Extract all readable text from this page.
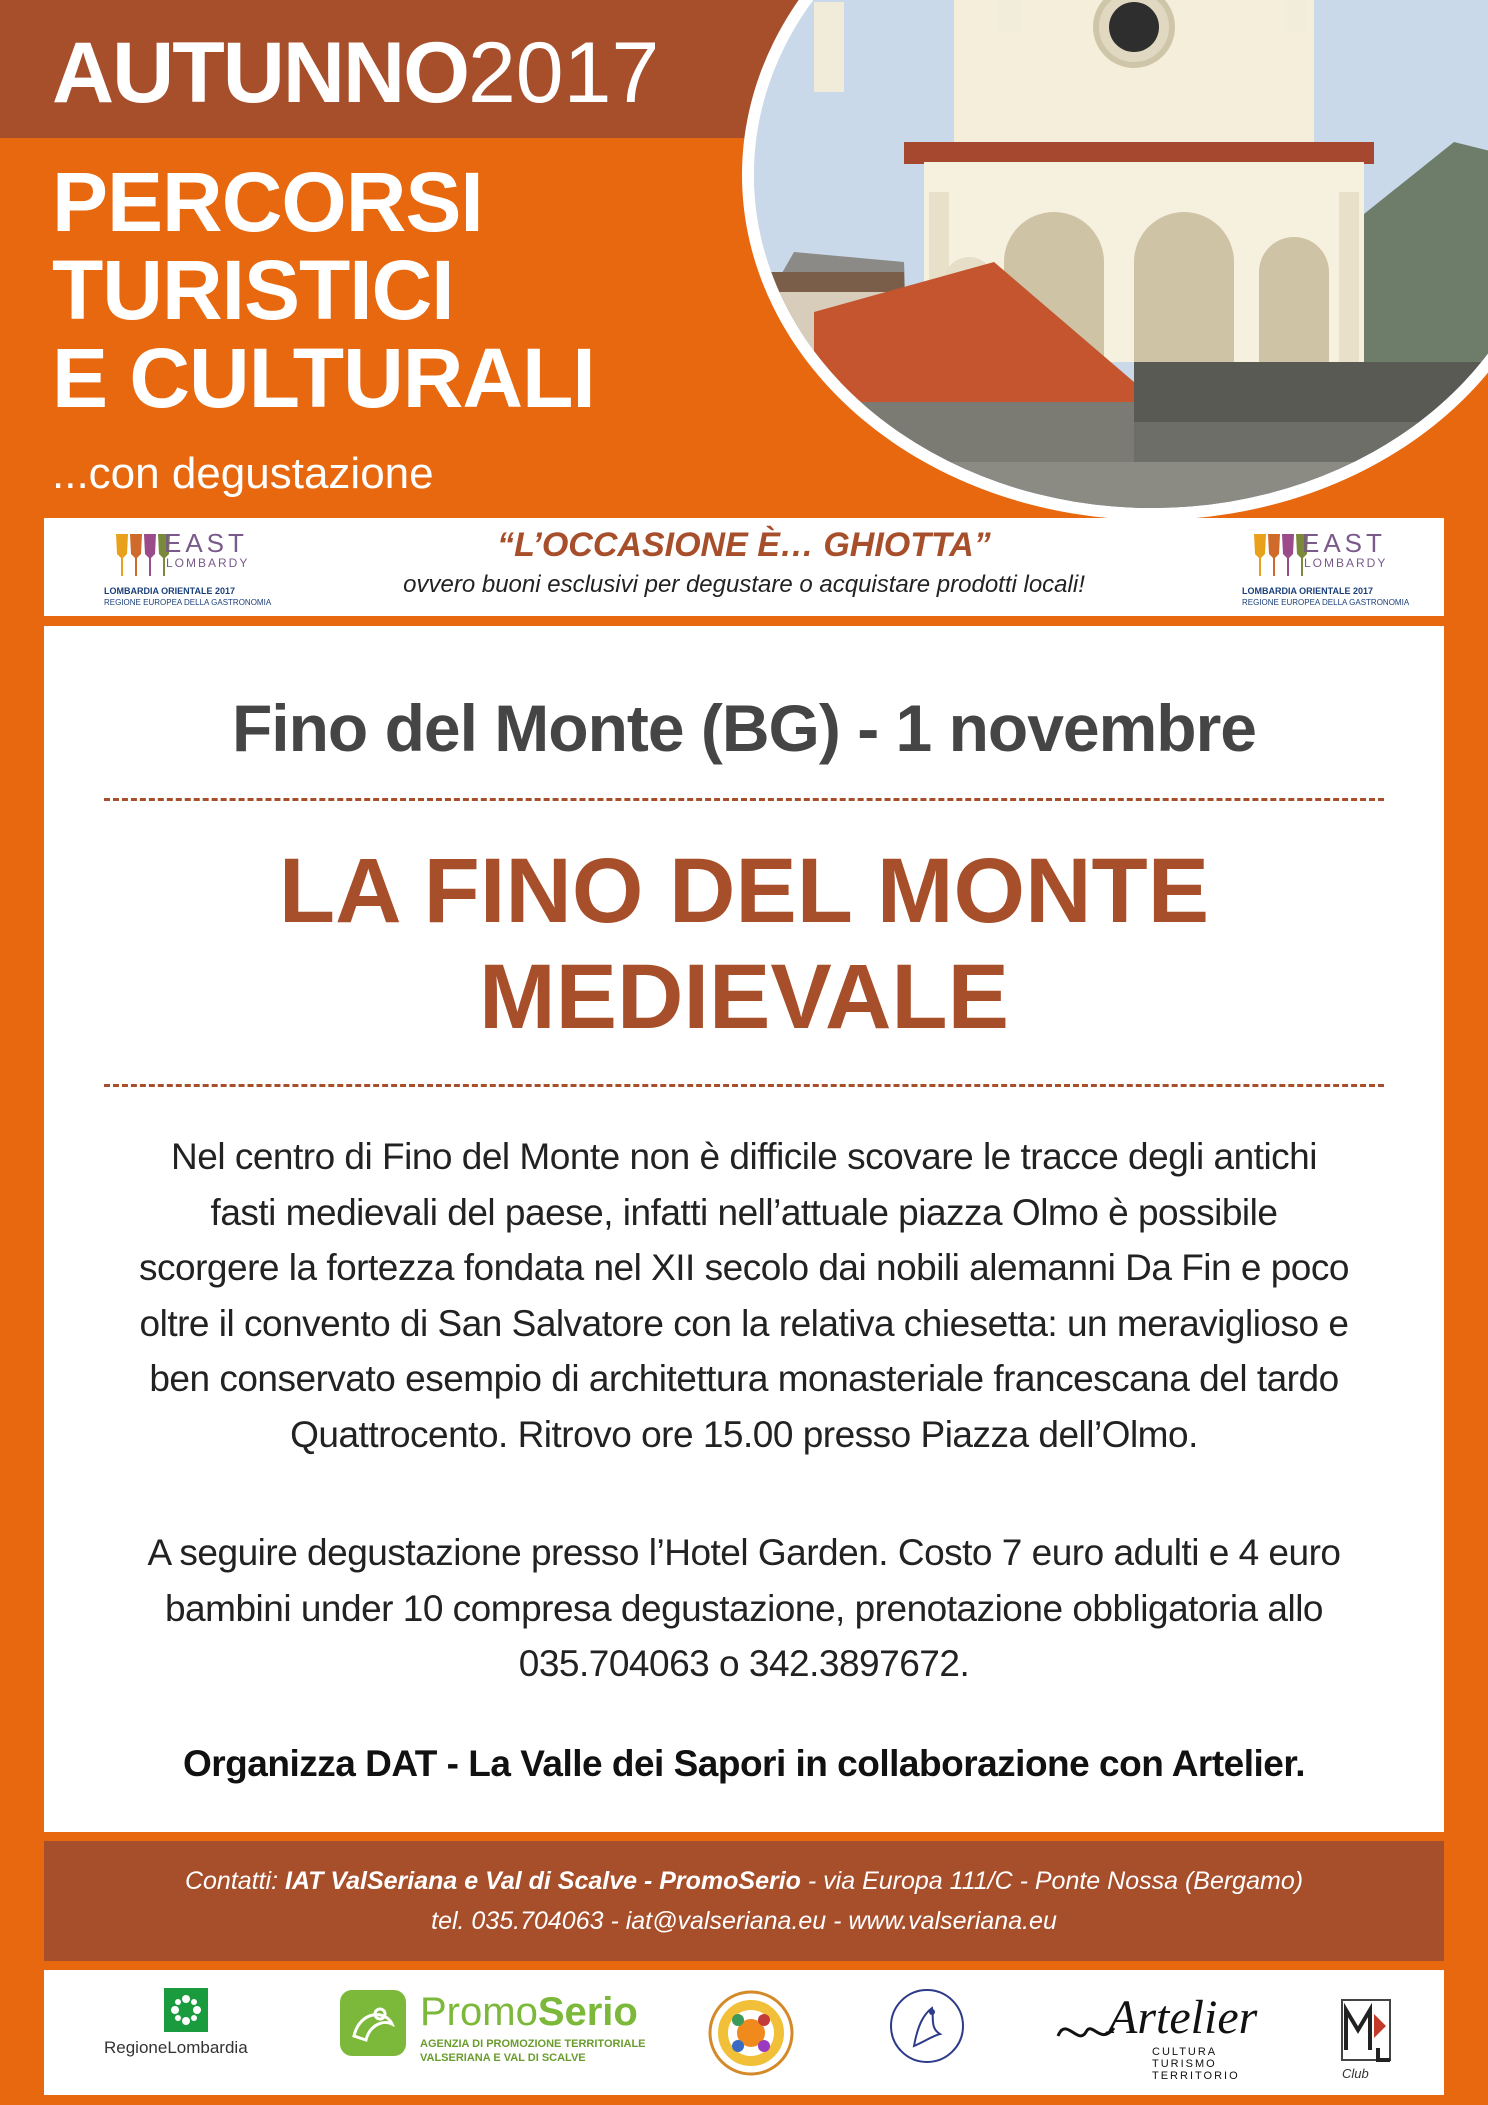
AUTUNNO2017
PERCORSI
TURISTICI
E CULTURALI
...con degustazione
EAST
LOMBARDY
LOMBARDIA ORIENTALE 2017
REGIONE EUROPEA DELLA GASTRONOMIA
“L’OCCASIONE È… GHIOTTA”
ovvero buoni esclusivi per degustare o acquistare prodotti locali!
EAST
LOMBARDY
LOMBARDIA ORIENTALE 2017
REGIONE EUROPEA DELLA GASTRONOMIA
Fino del Monte (BG) - 1 novembre
LA FINO DEL MONTE
MEDIEVALE
Nel centro di Fino del Monte non è difficile scovare le tracce degli antichi
fasti medievali del paese, infatti nell’attuale piazza Olmo è possibile
scorgere la fortezza fondata nel XII secolo dai nobili alemanni Da Fin e poco
oltre il convento di San Salvatore con la relativa chiesetta: un meraviglioso e
ben conservato esempio di architettura monasteriale francescana del tardo
Quattrocento. Ritrovo ore 15.00 presso Piazza dell’Olmo.
A seguire degustazione presso l’Hotel Garden. Costo 7 euro adulti e 4 euro
bambini under 10 compresa degustazione, prenotazione obbligatoria allo
035.704063 o 342.3897672.
Organizza DAT - La Valle dei Sapori in collaborazione con Artelier.
Contatti: IAT ValSeriana e Val di Scalve - PromoSerio - via Europa 111/C - Ponte Nossa (Bergamo)
tel. 035.704063 - iat@valseriana.eu - www.valseriana.eu
RegioneLombardia
PromoSerio
AGENZIA DI PROMOZIONE TERRITORIALE
VALSERIANA E VAL DI SCALVE
Artelier
CULTURA
TURISMO
TERRITORIO	Club
